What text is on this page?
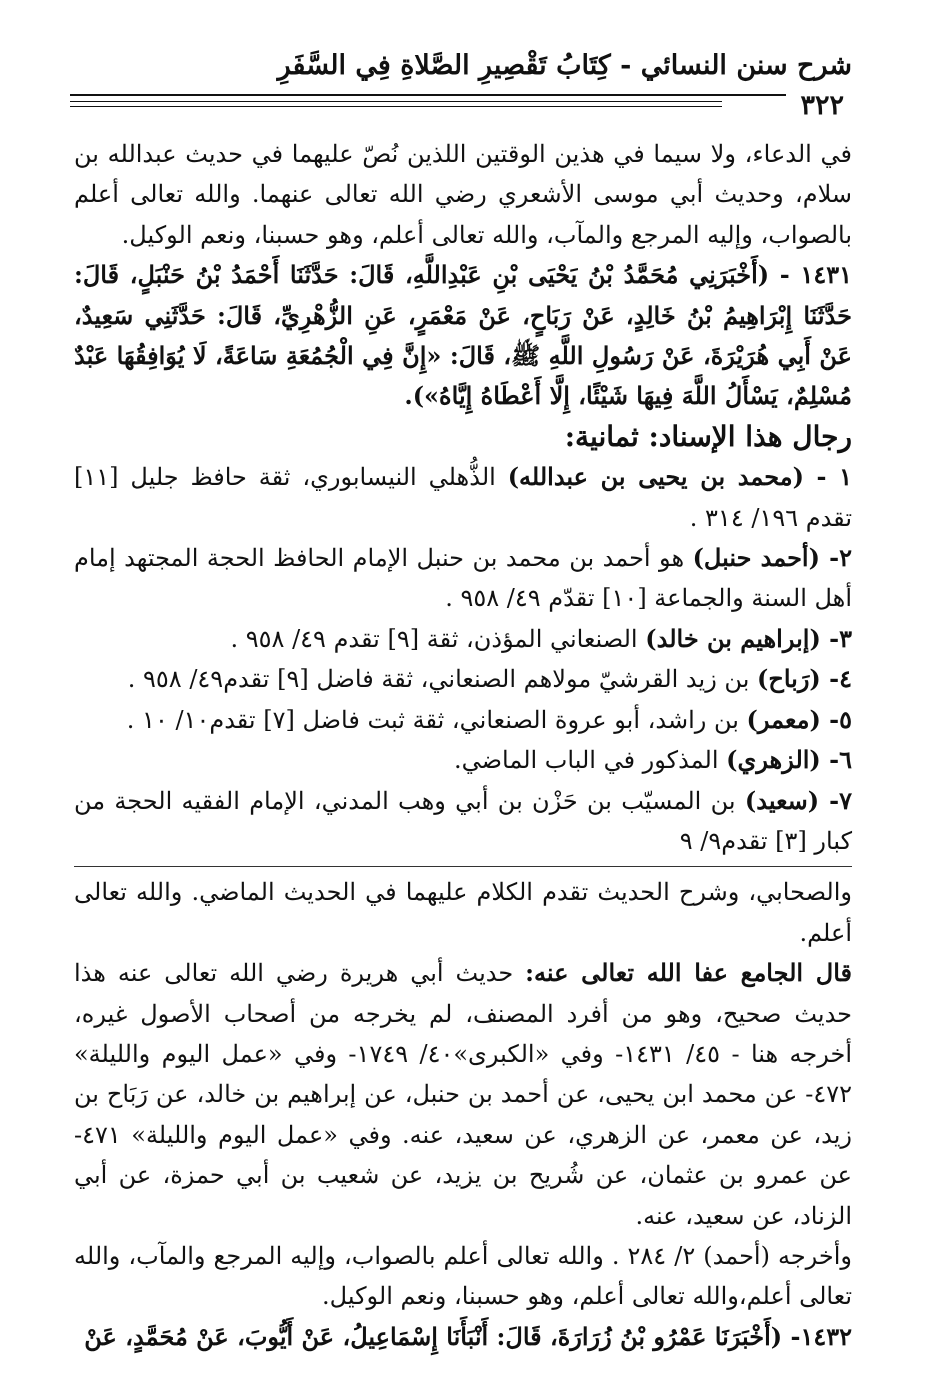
شرح سنن النسائي - كِتَابُ تَقْصِيرِ الصَّلاةِ فِي السَّفَرِ
٣٢٢

في الدعاء، ولا سيما في هذين الوقتين اللذين نُصّ عليهما في حديث عبدالله بن سلام، وحديث أبي موسى الأشعري رضي الله تعالى عنهما. والله تعالى أعلم بالصواب، وإليه المرجع والمآب، والله تعالى أعلم، وهو حسبنا، ونعم الوكيل.

١٤٣١ - (أَخْبَرَنِي مُحَمَّدُ بْنُ يَحْيَى بْنِ عَبْدِاللَّهِ، قَالَ: حَدَّثَنَا أَحْمَدُ بْنُ حَنْبَلٍ، قَالَ: حَدَّثَنَا إِبْرَاهِيمُ بْنُ خَالِدٍ، عَنْ رَبَاحٍ، عَنْ مَعْمَرٍ، عَنِ الزُّهْرِيِّ، قَالَ: حَدَّثَنِي سَعِيدٌ، عَنْ أَبِي هُرَيْرَةَ، عَنْ رَسُولِ اللَّهِ ﷺ، قَالَ: «إِنَّ فِي الْجُمُعَةِ سَاعَةً، لَا يُوَافِقُهَا عَبْدٌ مُسْلِمٌ، يَسْأَلُ اللَّهَ فِيهَا شَيْئًا، إِلَّا أَعْطَاهُ إِيَّاهُ»).

رجال هذا الإسناد: ثمانية:

١ - (محمد بن يحيى بن عبدالله) الذُّهلي النيسابوري، ثقة حافظ جليل [١١] تقدم ١٩٦/ ٣١٤ .

٢- (أحمد حنبل) هو أحمد بن محمد بن حنبل الإمام الحافظ الحجة المجتهد إمام أهل السنة والجماعة [١٠] تقدّم ٤٩/ ٩٥٨ .

٣- (إبراهيم بن خالد) الصنعاني المؤذن، ثقة [٩] تقدم ٤٩/ ٩٥٨ .

٤- (رَباح) بن زيد القرشيّ مولاهم الصنعاني، ثقة فاضل [٩] تقدم٤٩/ ٩٥٨ .

٥- (معمر) بن راشد، أبو عروة الصنعاني، ثقة ثبت فاضل [٧] تقدم١٠/ ١٠ .

٦- (الزهري) المذكور في الباب الماضي.

٧- (سعيد) بن المسيّب بن حَزْن بن أبي وهب المدني، الإمام الفقيه الحجة من كبار [٣] تقدم٩/ ٩

والصحابي، وشرح الحديث تقدم الكلام عليهما في الحديث الماضي. والله تعالى أعلم.

قال الجامع عفا الله تعالى عنه: حديث أبي هريرة رضي الله تعالى عنه هذا حديث صحيح، وهو من أفرد المصنف، لم يخرجه من أصحاب الأصول غيره، أخرجه هنا - ٤٥/ ١٤٣١- وفي «الكبرى»٤٠/ ١٧٤٩- وفي «عمل اليوم والليلة» ٤٧٢- عن محمد ابن يحيى، عن أحمد بن حنبل، عن إبراهيم بن خالد، عن رَبَاح بن زيد، عن معمر، عن الزهري، عن سعيد، عنه. وفي «عمل اليوم والليلة» ٤٧١- عن عمرو بن عثمان، عن شُريح بن يزيد، عن شعيب بن أبي حمزة، عن أبي الزناد، عن سعيد، عنه.

وأخرجه (أحمد) ٢/ ٢٨٤ . والله تعالى أعلم بالصواب، وإليه المرجع والمآب، والله تعالى أعلم،والله تعالى أعلم، وهو حسبنا، ونعم الوكيل.

١٤٣٢- (أَخْبَرَنَا عَمْرُو بْنُ زُرَارَةَ، قَالَ: أَنْبَأَنَا إِسْمَاعِيلُ، عَنْ أَيُّوبَ، عَنْ مُحَمَّدٍ، عَنْ
